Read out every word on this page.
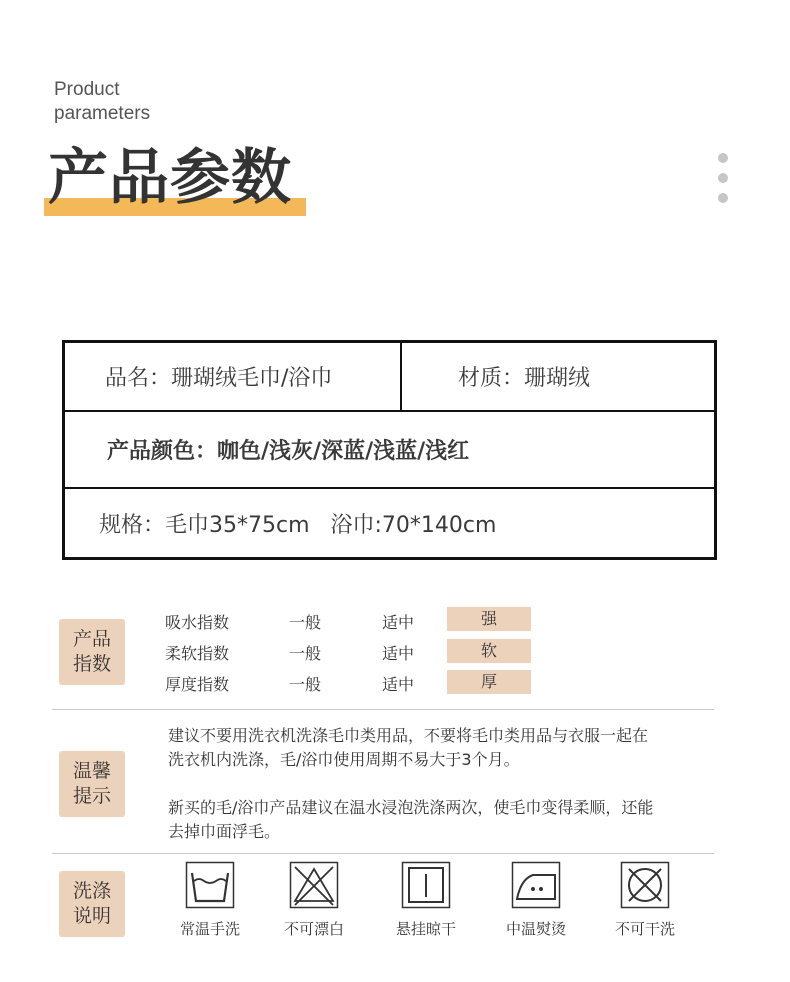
Product
parameters
产品参数
品名：珊瑚绒毛巾/浴巾	材质：珊瑚绒
产品颜色：咖色/浅灰/深蓝/浅蓝/浅红
规格：毛巾35*75cm   浴巾:70*140cm
产品
指数
吸水指数	一般	适中	强
柔软指数	一般	适中	软
厚度指数	一般	适中	厚
温馨
提示
建议不要用洗衣机洗涤毛巾类用品，不要将毛巾类用品与衣服一起在
洗衣机内洗涤，毛/浴巾使用周期不易大于3个月。
新买的毛/浴巾产品建议在温水浸泡洗涤两次，使毛巾变得柔顺，还能
去掉巾面浮毛。
洗涤
说明
常温手洗	不可漂白	悬挂晾干	中温熨烫	不可干洗
